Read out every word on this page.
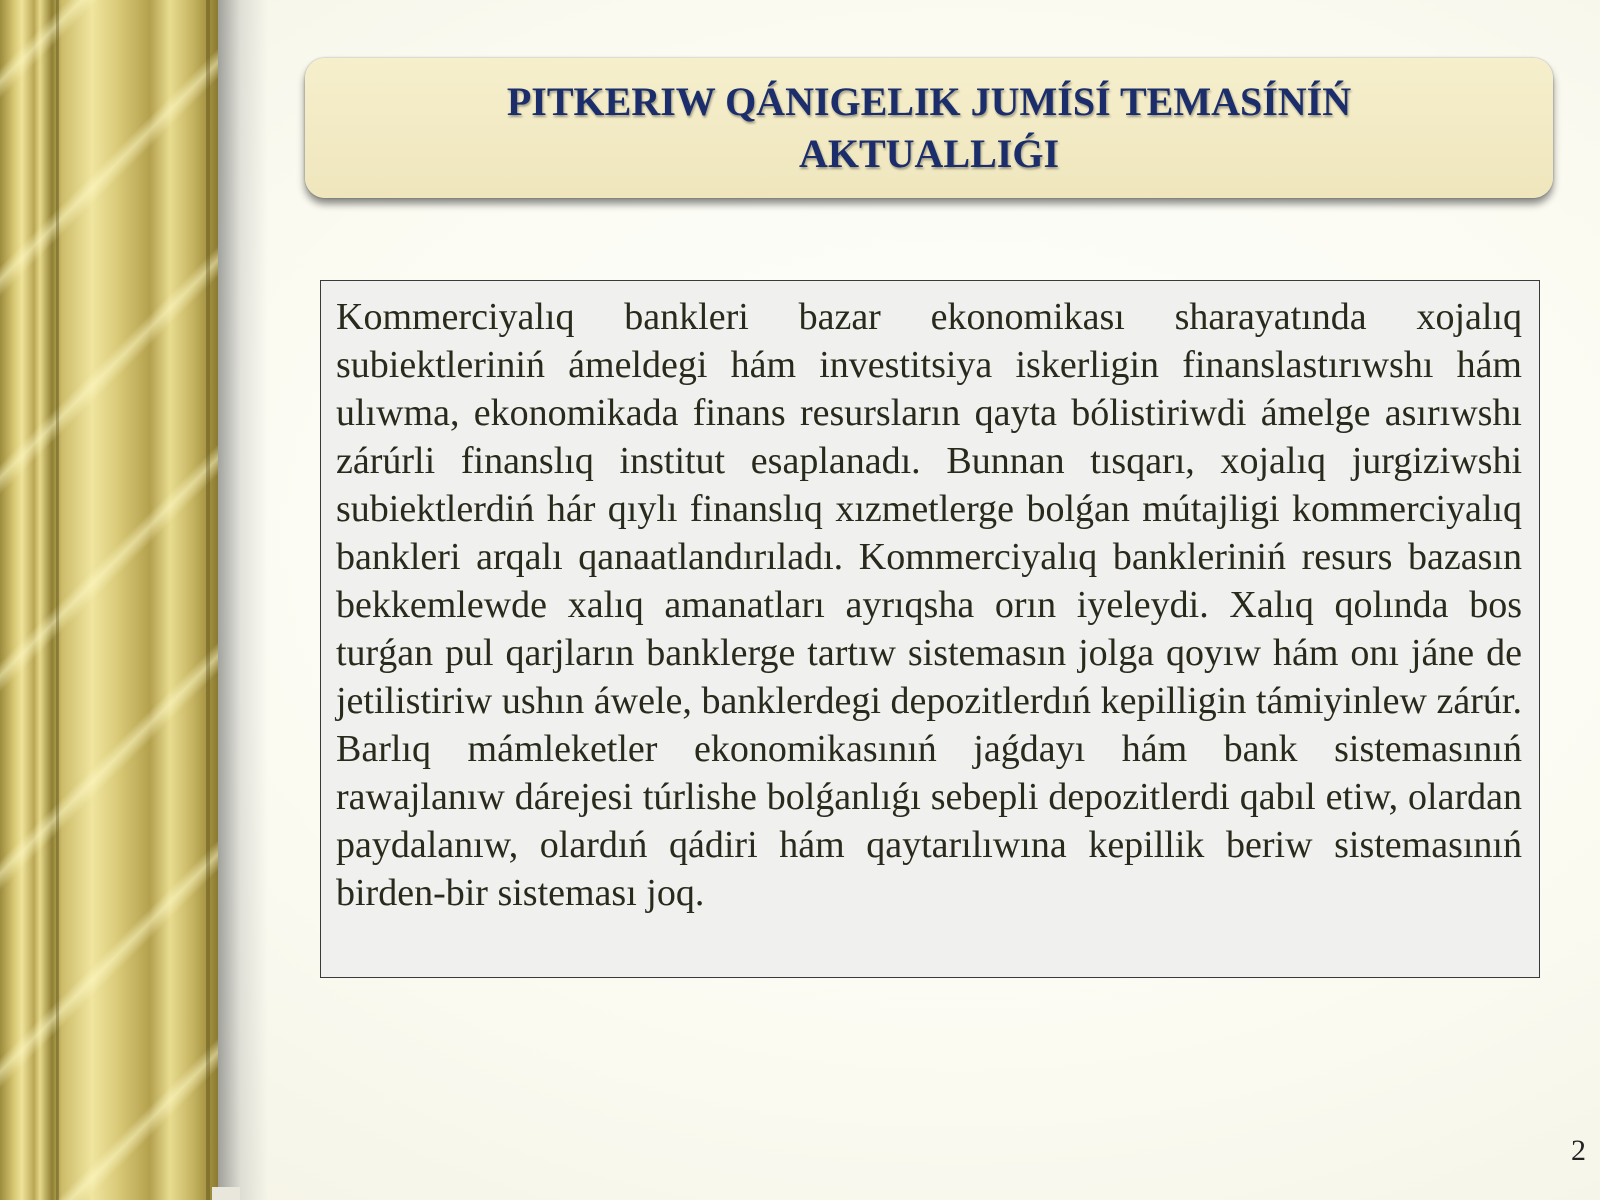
PITKERIW QÁNIGELIK JUMÍSÍ TEMASÍNÍŃ
AKTUALLIǴI

Kommerciyalıq bankleri bazar ekonomikası sharayatında xojalıq subiektleriniń ámeldegi hám investitsiya iskerligin finanslastırıwshı hám ulıwma, ekonomikada finans resursların qayta bólistiriwdi ámelge asırıwshı zárúrli finanslıq institut esaplanadı. Bunnan tısqarı, xojalıq jurgiziwshi subiektlerdiń hár qıylı finanslıq xızmetlerge bolǵan mútajligi kommerciyalıq bankleri arqalı qanaatlandırıladı. Kommerciyalıq bankleriniń resurs bazasın bekkemlewde xalıq amanatları ayrıqsha orın iyeleydi. Xalıq qolında bos turǵan pul qarjların banklerge tartıw sistemasın jolga qoyıw hám onı jáne de jetilistiriw ushın áwele, banklerdegi depozitlerdıń kepilligin támiyinlew zárúr. Barlıq mámleketler ekonomikasınıń jaǵdayı hám bank sistemasınıń rawajlanıw dárejesi túrlishe bolǵanlıǵı sebepli depozitlerdi qabıl etiw, olardan paydalanıw, olardıń qádiri hám qaytarılıwına kepillik beriw sistemasınıń birden-bir sisteması joq.

2
